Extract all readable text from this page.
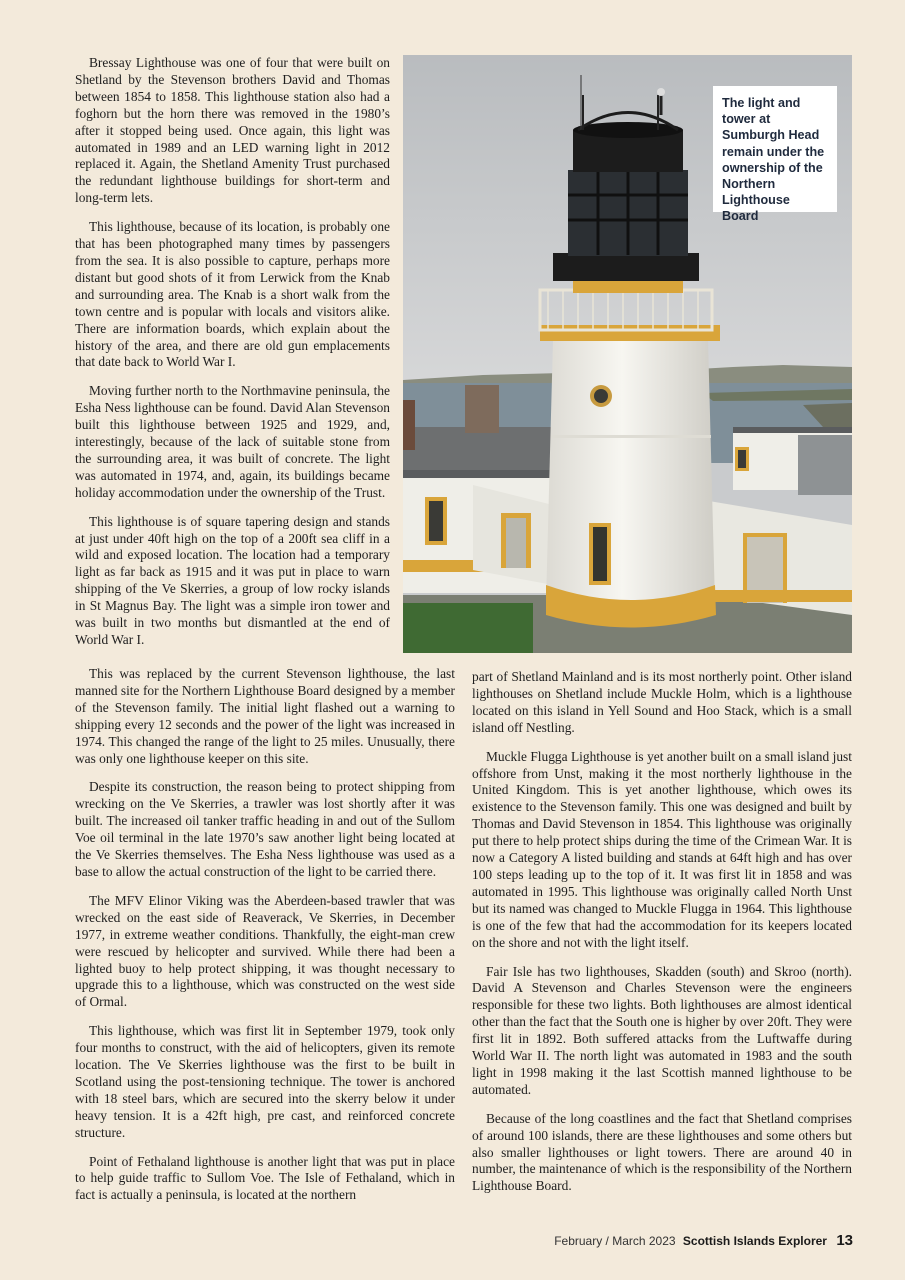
Bressay Lighthouse was one of four that were built on Shetland by the Stevenson brothers David and Thomas between 1854 to 1858. This lighthouse station also had a foghorn but the horn there was removed in the 1980’s after it stopped being used. Once again, this light was automated in 1989 and an LED warning light in 2012 replaced it. Again, the Shetland Amenity Trust purchased the redundant lighthouse buildings for short-term and long-term lets.

This lighthouse, because of its location, is probably one that has been photographed many times by passengers from the sea. It is also possible to capture, perhaps more distant but good shots of it from Lerwick from the Knab and surrounding area. The Knab is a short walk from the town centre and is popular with locals and visitors alike. There are information boards, which explain about the history of the area, and there are old gun emplacements that date back to World War I.

Moving further north to the Northmavine peninsula, the Esha Ness lighthouse can be found. David Alan Stevenson built this lighthouse between 1925 and 1929, and, interestingly, because of the lack of suitable stone from the surrounding area, it was built of concrete. The light was automated in 1974, and, again, its buildings became holiday accommodation under the ownership of the Trust.

This lighthouse is of square tapering design and stands at just under 40ft high on the top of a 200ft sea cliff in a wild and exposed location. The location had a temporary light as far back as 1915 and it was put in place to warn shipping of the Ve Skerries, a group of low rocky islands in St Magnus Bay. The light was a simple iron tower and was built in two months but dismantled at the end of World War I.

The light and tower at Sumburgh Head remain under the ownership of the Northern Lighthouse Board

This was replaced by the current Stevenson lighthouse, the last manned site for the Northern Lighthouse Board designed by a member of the Stevenson family. The initial light flashed out a warning to shipping every 12 seconds and the power of the light was increased in 1974. This changed the range of the light to 25 miles. Unusually, there was only one lighthouse keeper on this site.

Despite its construction, the reason being to protect shipping from wrecking on the Ve Skerries, a trawler was lost shortly after it was built. The increased oil tanker traffic heading in and out of the Sullom Voe oil terminal in the late 1970’s saw another light being located at the Ve Skerries themselves. The Esha Ness lighthouse was used as a base to allow the actual construction of the light to be carried there.

The MFV Elinor Viking was the Aberdeen-based trawler that was wrecked on the east side of Reaverack, Ve Skerries, in December 1977, in extreme weather conditions. Thankfully, the eight-man crew were rescued by helicopter and survived. While there had been a lighted buoy to help protect shipping, it was thought necessary to upgrade this to a lighthouse, which was constructed on the west side of Ormal.

This lighthouse, which was first lit in September 1979, took only four months to construct, with the aid of helicopters, given its remote location. The Ve Skerries lighthouse was the first to be built in Scotland using the post-tensioning technique. The tower is anchored with 18 steel bars, which are secured into the skerry below it under heavy tension. It is a 42ft high, pre cast, and reinforced concrete structure.

Point of Fethaland lighthouse is another light that was put in place to help guide traffic to Sullom Voe. The Isle of Fethaland, which in fact is actually a peninsula, is located at the northern

part of Shetland Mainland and is its most northerly point. Other island lighthouses on Shetland include Muckle Holm, which is a lighthouse located on this island in Yell Sound and Hoo Stack, which is a small island off Nestling.

Muckle Flugga Lighthouse is yet another built on a small island just offshore from Unst, making it the most northerly lighthouse in the United Kingdom. This is yet another lighthouse, which owes its existence to the Stevenson family. This one was designed and built by Thomas and David Stevenson in 1854. This lighthouse was originally put there to help protect ships during the time of the Crimean War. It is now a Category A listed building and stands at 64ft high and has over 100 steps leading up to the top of it. It was first lit in 1858 and was automated in 1995. This lighthouse was originally called North Unst but its named was changed to Muckle Flugga in 1964. This lighthouse is one of the few that had the accommodation for its keepers located on the shore and not with the light itself.

Fair Isle has two lighthouses, Skadden (south) and Skroo (north). David A Stevenson and Charles Stevenson were the engineers responsible for these two lights. Both lighthouses are almost identical other than the fact that the South one is higher by over 20ft. They were first lit in 1892. Both suffered attacks from the Luftwaffe during World War II. The north light was automated in 1983 and the south light in 1998 making it the last Scottish manned lighthouse to be automated.

Because of the long coastlines and the fact that Shetland comprises of around 100 islands, there are these lighthouses and some others but also smaller lighthouses or light towers. There are around 40 in number, the maintenance of which is the responsibility of the Northern Lighthouse Board.

February / March 2023 Scottish Islands Explorer 13
